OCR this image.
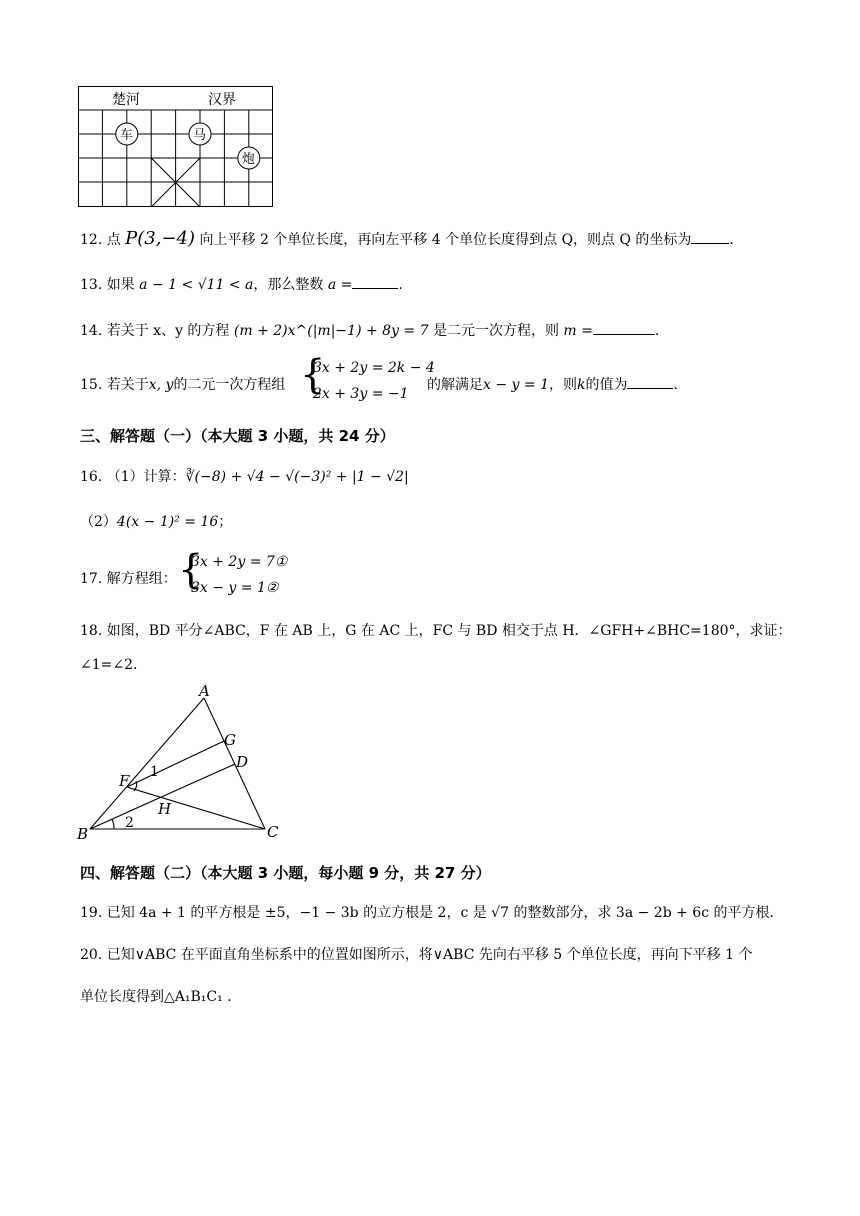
楚河	汉界
车	马
炮
12. 点 P(3,−4) 向上平移 2 个单位长度，再向左平移 4 个单位长度得到点 Q，则点 Q 的坐标为	.
13. 如果 a − 1 < √11 < a，那么整数 a =	.
14. 若关于 x、y 的方程 (m + 2)x^(|m|−1) + 8y = 7 是二元一次方程，则 m =	.
15. 若关于x, y的二元一次方程组 {
3x + 2y = 2k − 4
2x + 3y = −1
的解满足x − y = 1，则k的值为	.
三、解答题（一）（本大题 3 小题，共 24 分）
16. （1）计算：∛(−8) + √4 − √(−3)² + |1 − √2|
（2）4(x − 1)² = 16；
17. 解方程组： {
3x + 2y = 7①
3x − y = 1②
18. 如图，BD 平分∠ABC，F 在 AB 上，G 在 AC 上，FC 与 BD 相交于点 H．∠GFH+∠BHC=180°，求证：
∠1=∠2．
A
G
D
F
H
B	C
1
2
四、解答题（二）（本大题 3 小题，每小题 9 分，共 27 分）
19. 已知 4a + 1 的平方根是 ±5，−1 − 3b 的立方根是 2，c 是 √7 的整数部分，求 3a − 2b + 6c 的平方根.
20. 已知∨ABC 在平面直角坐标系中的位置如图所示，将∨ABC 先向右平移 5 个单位长度，再向下平移 1 个
单位长度得到△A₁B₁C₁ .
